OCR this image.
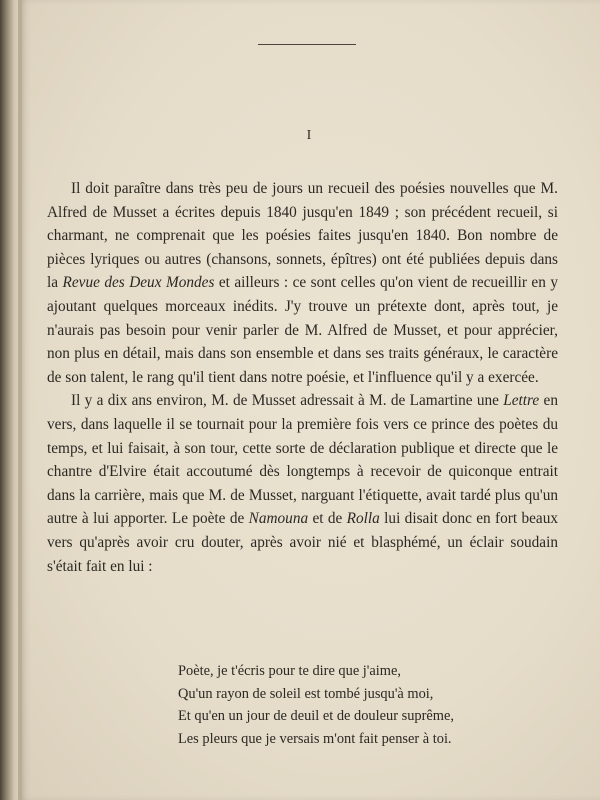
I

Il doit paraître dans très peu de jours un recueil des poésies nouvelles que M. Alfred de Musset a écrites depuis 1840 jusqu'en 1849 ; son précédent recueil, si charmant, ne comprenait que les poésies faites jusqu'en 1840. Bon nombre de pièces lyriques ou autres (chansons, sonnets, épîtres) ont été publiées depuis dans la Revue des Deux Mondes et ailleurs : ce sont celles qu'on vient de recueillir en y ajoutant quelques morceaux inédits. J'y trouve un prétexte dont, après tout, je n'aurais pas besoin pour venir parler de M. Alfred de Musset, et pour apprécier, non plus en détail, mais dans son ensemble et dans ses traits généraux, le caractère de son talent, le rang qu'il tient dans notre poésie, et l'influence qu'il y a exercée.

Il y a dix ans environ, M. de Musset adressait à M. de Lamartine une Lettre en vers, dans laquelle il se tournait pour la première fois vers ce prince des poètes du temps, et lui faisait, à son tour, cette sorte de déclaration publique et directe que le chantre d'Elvire était accoutumé dès longtemps à recevoir de quiconque entrait dans la carrière, mais que M. de Musset, narguant l'étiquette, avait tardé plus qu'un autre à lui apporter. Le poète de Namouna et de Rolla lui disait donc en fort beaux vers qu'après avoir cru douter, après avoir nié et blasphémé, un éclair soudain s'était fait en lui :

Poète, je t'écris pour te dire que j'aime,
Qu'un rayon de soleil est tombé jusqu'à moi,
Et qu'en un jour de deuil et de douleur suprême,
Les pleurs que je versais m'ont fait penser à toi.
